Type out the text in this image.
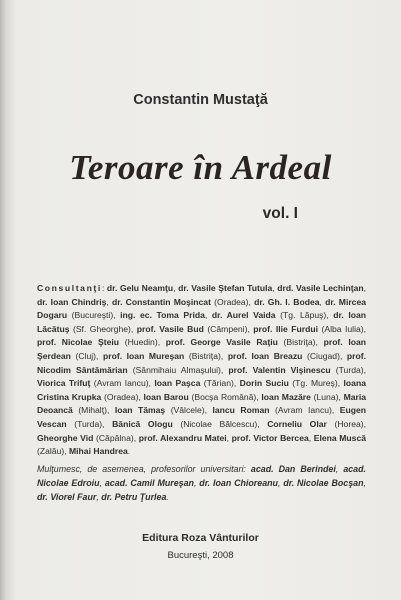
Constantin Mustaţă
Teroare în Ardeal
vol. I
Consultanţi: dr. Gelu Neamţu, dr. Vasile Ştefan Tutula, drd. Vasile Lechinţan, dr. Ioan Chindriş, dr. Constantin Moşincat (Oradea), dr. Gh. I. Bodea, dr. Mircea Dogaru (Bucureşti), ing. ec. Toma Prida, dr. Aurel Vaida (Tg. Lăpuş), dr. Ioan Lăcătuş (Sf. Gheorghe), prof. Vasile Bud (Câmpeni), prof. Ilie Furdui (Alba Iulia), prof. Nicolae Şteiu (Huedin), prof. George Vasile Raţiu (Bistriţa), prof. Ioan Şerdean (Cluj), prof. Ioan Mureşan (Bistriţa), prof. Ioan Breazu (Ciugad), prof. Nicodim Sântămărian (Sânmihaiu Almaşului), prof. Valentin Vişinescu (Turda), Viorica Trifuţ (Avram Iancu), Ioan Paşca (Tărian), Dorin Suciu (Tg. Mureş), Ioana Cristina Krupka (Oradea), Ioan Barou (Bocşa Română), Ioan Mazăre (Luna), Maria Deoancă (Mihalţ), Ioan Tămaş (Vâlcele), Iancu Roman (Avram Iancu), Eugen Vescan (Turda), Bănică Ologu (Nicolae Bălcescu), Corneliu Olar (Horea), Gheorghe Vid (Căpâlna), prof. Alexandru Matei, prof. Victor Bercea, Elena Muscă (Zalău), Mihai Handrea.
Mulţumesc, de asemenea, profesorilor universitari: acad. Dan Berindei, acad. Nicolae Edroiu, acad. Camil Mureşan, dr. Ioan Chioreanu, dr. Nicolae Bocşan, dr. Viorel Faur, dr. Petru Ţurlea.
Editura Roza Vânturilor
Bucureşti, 2008
